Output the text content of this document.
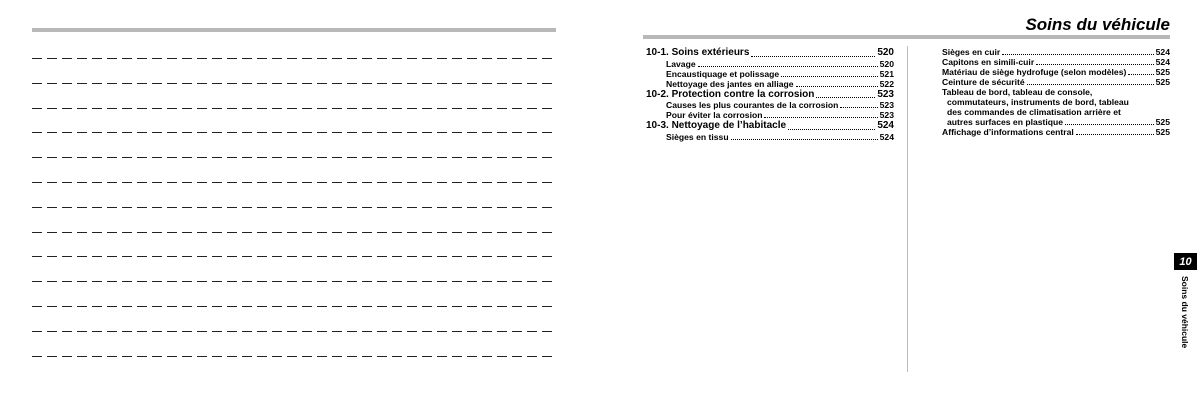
Soins du véhicule
10-1. Soins extérieurs	520
Lavage	520
Encaustiquage et polissage	521
Nettoyage des jantes en alliage	522
10-2. Protection contre la corrosion	523
Causes les plus courantes de la corrosion	523
Pour éviter la corrosion	523
10-3. Nettoyage de l’habitacle	524
Sièges en tissu	524
Sièges en cuir	524
Capitons en simili-cuir	524
Matériau de siège hydrofuge (selon modèles)	525
Ceinture de sécurité	525
Tableau de bord, tableau de console,
commutateurs, instruments de bord, tableau
des commandes de climatisation arrière et
autres surfaces en plastique	525
Affichage d’informations central	525
10
Soins du véhicule
